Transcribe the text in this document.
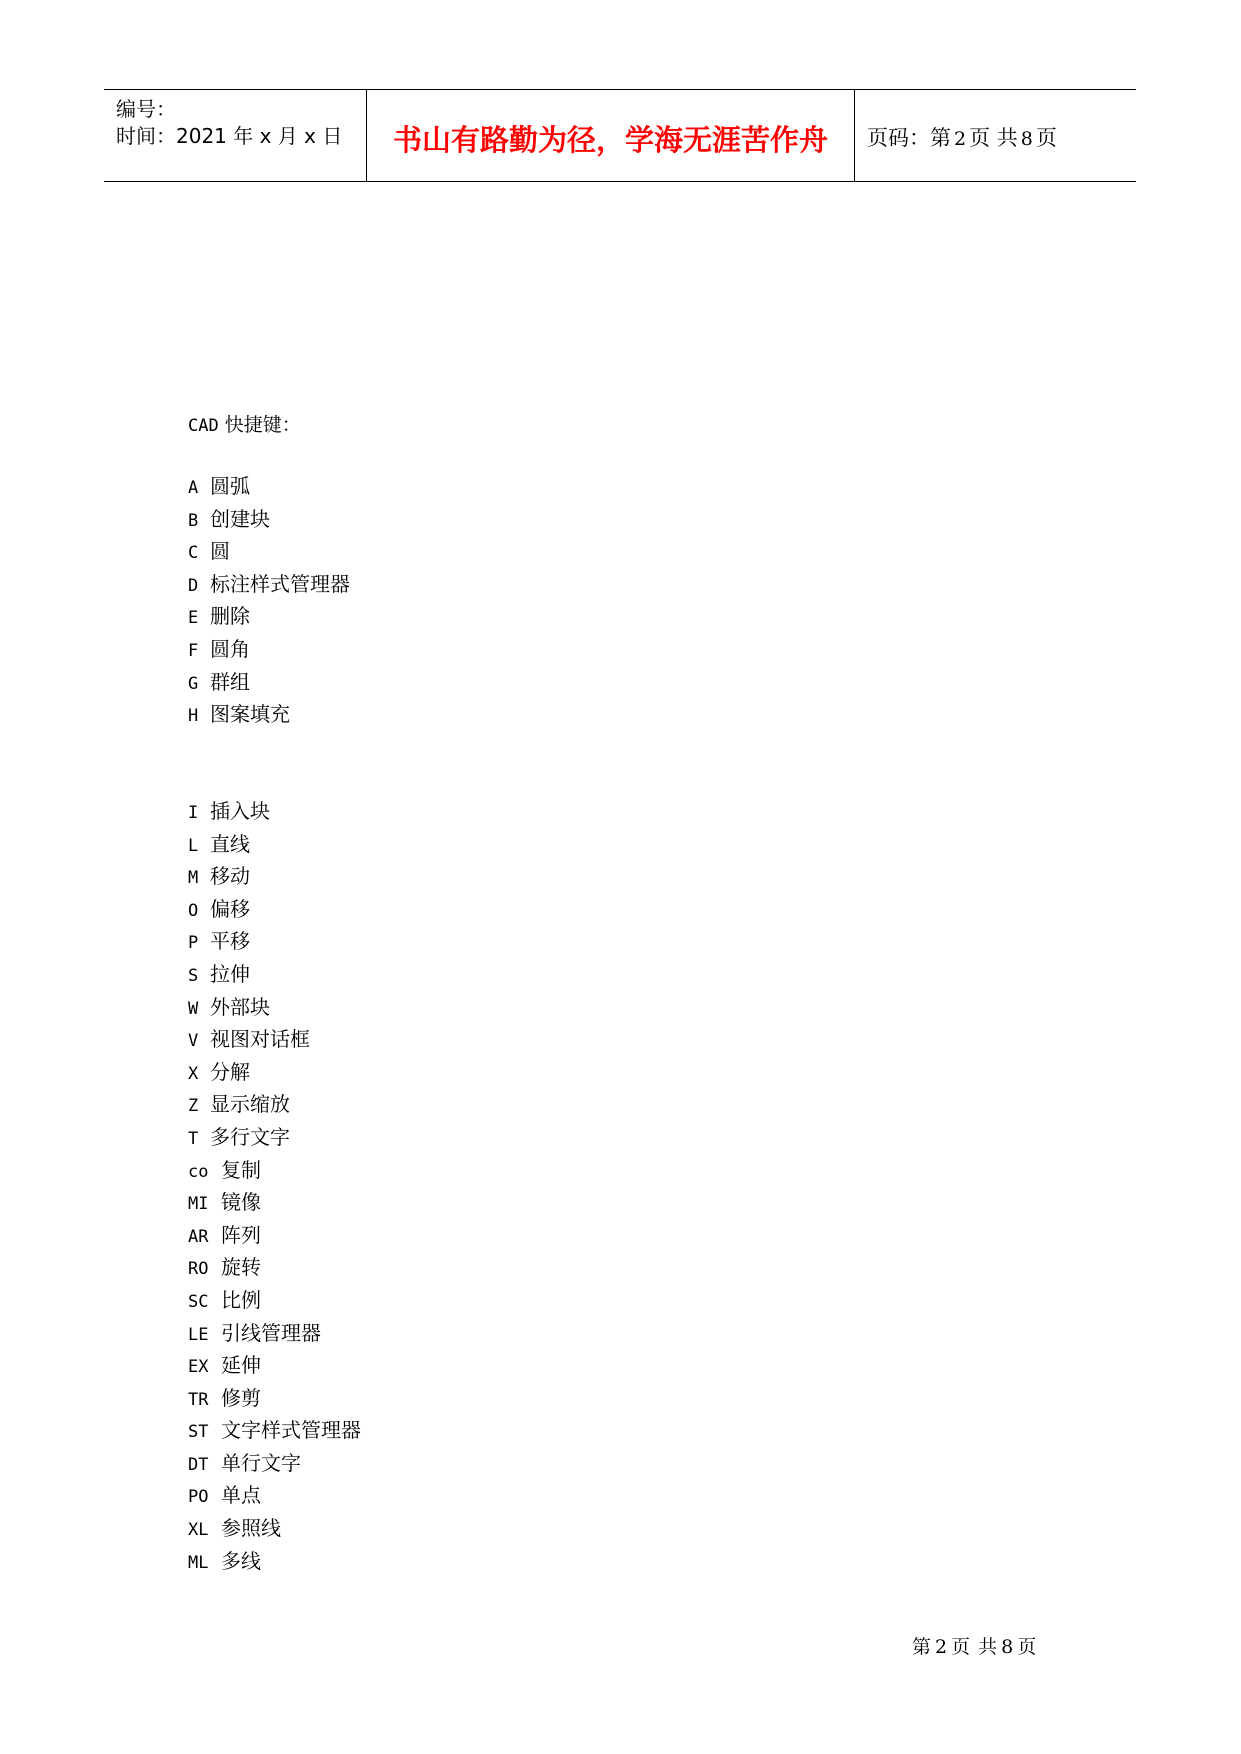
编号：
时间：2021 年 x 月 x 日	书山有路勤为径，学海无涯苦作舟	页码：第 2 页 共 8 页
CAD 快捷键：
A 圆弧
B 创建块
C 圆
D 标注样式管理器
E 删除
F 圆角
G 群组
H 图案填充
I 插入块
L 直线
M 移动
O 偏移
P 平移
S 拉伸
W 外部块
V 视图对话框
X 分解
Z 显示缩放
T 多行文字
co 复制
MI 镜像
AR 阵列
RO 旋转
SC 比例
LE 引线管理器
EX 延伸
TR 修剪
ST 文字样式管理器
DT 单行文字
PO 单点
XL 参照线
ML 多线
第 2 页 共 8 页
